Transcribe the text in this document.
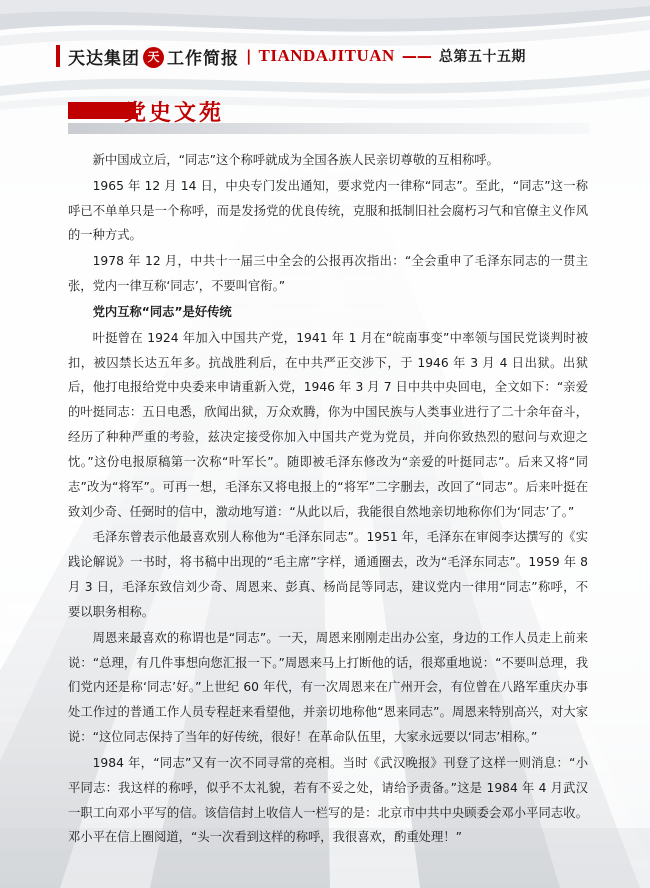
天达集团 天 工作简报 | TIANDAJITUAN —— 总第五十五期
党史文苑

新中国成立后，“同志”这个称呼就成为全国各族人民亲切尊敬的互相称呼。

1965 年 12 月 14 日，中央专门发出通知，要求党内一律称“同志”。至此，“同志”这一称呼已不单单只是一个称呼，而是发扬党的优良传统，克服和抵制旧社会腐朽习气和官僚主义作风的一种方式。

1978 年 12 月，中共十一届三中全会的公报再次指出：“全会重申了毛泽东同志的一贯主张，党内一律互称‘同志’，不要叫官衔。”

党内互称“同志”是好传统

叶挺曾在 1924 年加入中国共产党，1941 年 1 月在“皖南事变”中率领与国民党谈判时被扣，被囚禁长达五年多。抗战胜利后，在中共严正交涉下，于 1946 年 3 月 4 日出狱。出狱后，他打电报给党中央委来申请重新入党，1946 年 3 月 7 日中共中央回电，全文如下：“亲爱的叶挺同志：五日电悉，欣闻出狱，万众欢腾，你为中国民族与人类事业进行了二十余年奋斗，经历了种种严重的考验，兹决定接受你加入中国共产党为党员，并向你致热烈的慰问与欢迎之忱。”这份电报原稿第一次称“叶军长”。随即被毛泽东修改为“亲爱的叶挺同志”。后来又将“同志”改为“将军”。可再一想，毛泽东又将电报上的“将军”二字删去，改回了“同志”。后来叶挺在致刘少奇、任弼时的信中，激动地写道：“从此以后，我能很自然地亲切地称你们为‘同志’了。”

毛泽东曾表示他最喜欢别人称他为“毛泽东同志”。1951 年，毛泽东在审阅李达撰写的《实践论解说》一书时，将书稿中出现的“毛主席”字样，通通圈去，改为“毛泽东同志”。1959 年 8 月 3 日，毛泽东致信刘少奇、周恩来、彭真、杨尚昆等同志，建议党内一律用“同志”称呼，不要以职务相称。

周恩来最喜欢的称谓也是“同志”。一天，周恩来刚刚走出办公室，身边的工作人员走上前来说：“总理，有几件事想向您汇报一下。”周恩来马上打断他的话，很郑重地说：“不要叫总理，我们党内还是称‘同志’好。”上世纪 60 年代，有一次周恩来在广州开会，有位曾在八路军重庆办事处工作过的普通工作人员专程赶来看望他，并亲切地称他“恩来同志”。周恩来特别高兴，对大家说：“这位同志保持了当年的好传统，很好！在革命队伍里，大家永远要以‘同志’相称。”

1984 年，“同志”又有一次不同寻常的亮相。当时《武汉晚报》刊登了这样一则消息：“小平同志：我这样的称呼，似乎不太礼貌，若有不妥之处，请给予责备。”这是 1984 年 4 月武汉一职工向邓小平写的信。该信信封上收信人一栏写的是：北京市中共中央顾委会邓小平同志收。邓小平在信上圈阅道，“头一次看到这样的称呼，我很喜欢，酌重处理！”
